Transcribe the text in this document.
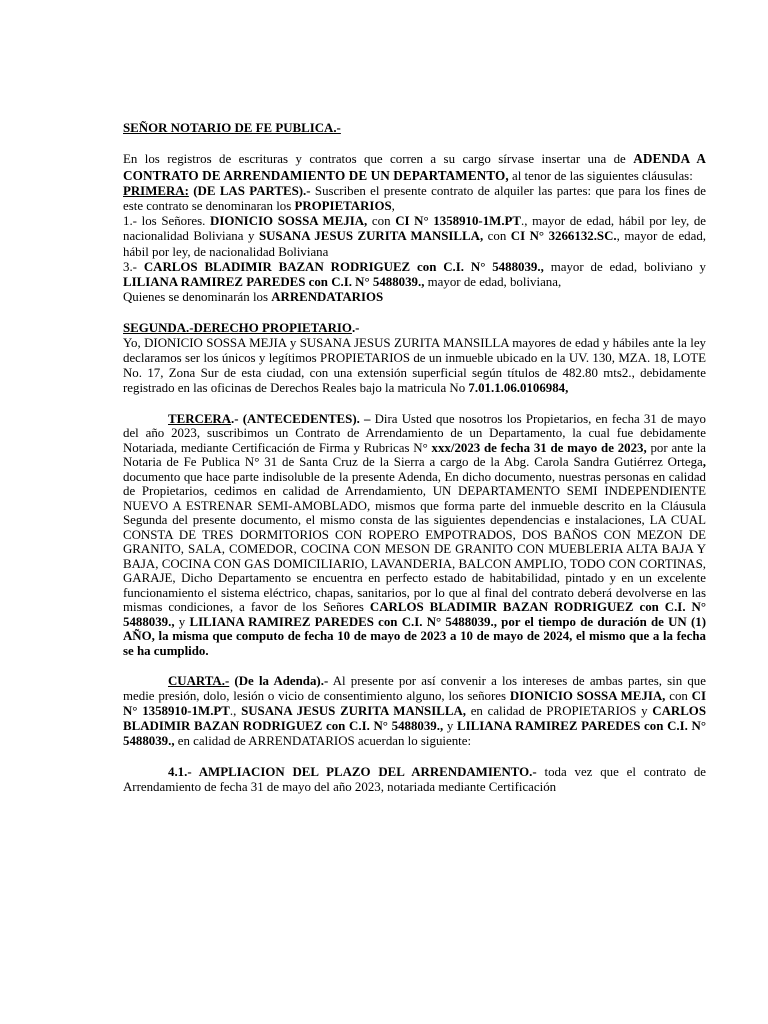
SEÑOR NOTARIO DE FE PUBLICA.-

En los registros de escrituras y contratos que corren a su cargo sírvase insertar una de ADENDA A CONTRATO DE ARRENDAMIENTO DE UN DEPARTAMENTO, al tenor de las siguientes cláusulas:

PRIMERA: (DE LAS PARTES).- Suscriben el presente contrato de alquiler las partes: que para los fines de este contrato se denominaran los PROPIETARIOS,

1.- los Señores. DIONICIO SOSSA MEJIA, con CI N° 1358910-1M.PT., mayor de edad, hábil por ley, de nacionalidad Boliviana y SUSANA JESUS ZURITA MANSILLA, con CI N° 3266132.SC., mayor de edad, hábil por ley, de nacionalidad Boliviana

3.- CARLOS BLADIMIR BAZAN RODRIGUEZ con C.I. N° 5488039., mayor de edad, boliviano y LILIANA RAMIREZ PAREDES con C.I. N° 5488039., mayor de edad, boliviana,

Quienes se denominarán los ARRENDATARIOS

SEGUNDA.-DERECHO PROPIETARIO.-

Yo, DIONICIO SOSSA MEJIA y SUSANA JESUS ZURITA MANSILLA mayores de edad y hábiles ante la ley declaramos ser los únicos y legítimos PROPIETARIOS de un inmueble ubicado en la UV. 130, MZA. 18, LOTE No. 17, Zona Sur de esta ciudad, con una extensión superficial según títulos de 482.80 mts2., debidamente registrado en las oficinas de Derechos Reales bajo la matricula No 7.01.1.06.0106984,

TERCERA.- (ANTECEDENTES). – Dira Usted que nosotros los Propietarios, en fecha 31 de mayo del año 2023, suscribimos un Contrato de Arrendamiento de un Departamento, la cual fue debidamente Notariada, mediante Certificación de Firma y Rubricas N° xxx/2023 de fecha 31 de mayo de 2023, por ante la Notaria de Fe Publica N° 31 de Santa Cruz de la Sierra a cargo de la Abg. Carola Sandra Gutiérrez Ortega, documento que hace parte indisoluble de la presente Adenda, En dicho documento, nuestras personas en calidad de Propietarios, cedimos en calidad de Arrendamiento, UN DEPARTAMENTO SEMI INDEPENDIENTE NUEVO A ESTRENAR SEMI-AMOBLADO, mismos que forma parte del inmueble descrito en la Cláusula Segunda del presente documento, el mismo consta de las siguientes dependencias e instalaciones, LA CUAL CONSTA DE TRES DORMITORIOS CON ROPERO EMPOTRADOS, DOS BAÑOS CON MEZON DE GRANITO, SALA, COMEDOR, COCINA CON MESON DE GRANITO CON MUEBLERIA ALTA BAJA Y BAJA, COCINA CON GAS DOMICILIARIO, LAVANDERIA, BALCON AMPLIO, TODO CON CORTINAS, GARAJE, Dicho Departamento se encuentra en perfecto estado de habitabilidad, pintado y en un excelente funcionamiento el sistema eléctrico, chapas, sanitarios, por lo que al final del contrato deberá devolverse en las mismas condiciones, a favor de los Señores CARLOS BLADIMIR BAZAN RODRIGUEZ con C.I. N° 5488039., y LILIANA RAMIREZ PAREDES con C.I. N° 5488039., por el tiempo de duración de UN (1) AÑO, la misma que computo de fecha 10 de mayo de 2023 a 10 de mayo de 2024, el mismo que a la fecha se ha cumplido.

CUARTA.- (De la Adenda).- Al presente por así convenir a los intereses de ambas partes, sin que medie presión, dolo, lesión o vicio de consentimiento alguno, los señores DIONICIO SOSSA MEJIA, con CI N° 1358910-1M.PT., SUSANA JESUS ZURITA MANSILLA, en calidad de PROPIETARIOS y CARLOS BLADIMIR BAZAN RODRIGUEZ con C.I. N° 5488039., y LILIANA RAMIREZ PAREDES con C.I. N° 5488039., en calidad de ARRENDATARIOS acuerdan lo siguiente:

4.1.- AMPLIACION DEL PLAZO DEL ARRENDAMIENTO.- toda vez que el contrato de Arrendamiento de fecha 31 de mayo del año 2023, notariada mediante Certificación
